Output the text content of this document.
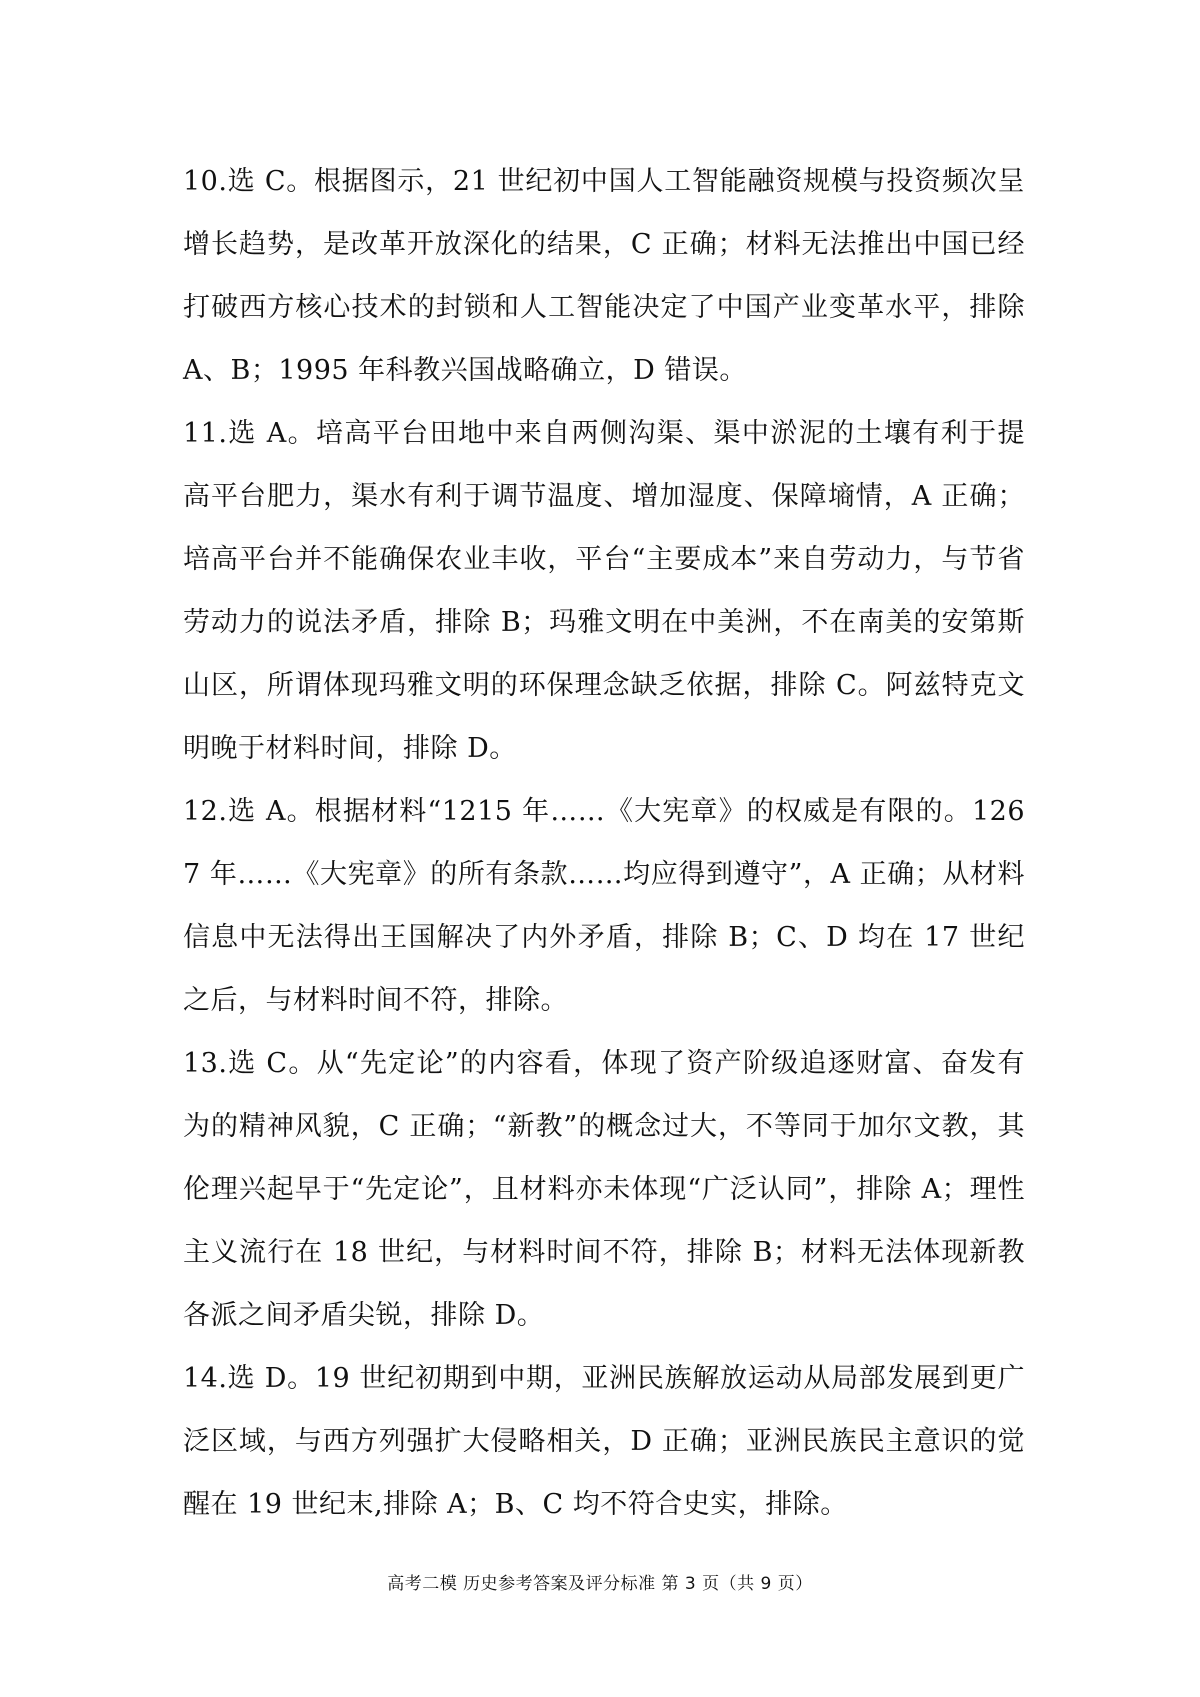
10.选 C。根据图示，21 世纪初中国人工智能融资规模与投资频次呈增长趋势，是改革开放深化的结果，C 正确；材料无法推出中国已经打破西方核心技术的封锁和人工智能决定了中国产业变革水平，排除 A、B；1995 年科教兴国战略确立，D 错误。

11.选 A。培高平台田地中来自两侧沟渠、渠中淤泥的土壤有利于提高平台肥力，渠水有利于调节温度、增加湿度、保障墒情，A 正确；培高平台并不能确保农业丰收，平台“主要成本”来自劳动力，与节省劳动力的说法矛盾，排除 B；玛雅文明在中美洲，不在南美的安第斯山区，所谓体现玛雅文明的环保理念缺乏依据，排除 C。阿兹特克文明晚于材料时间，排除 D。

12.选 A。根据材料“1215 年……《大宪章》的权威是有限的。1267 年……《大宪章》的所有条款……均应得到遵守”，A 正确；从材料信息中无法得出王国解决了内外矛盾，排除 B；C、D 均在 17 世纪之后，与材料时间不符，排除。

13.选 C。从“先定论”的内容看，体现了资产阶级追逐财富、奋发有为的精神风貌，C 正确；“新教”的概念过大，不等同于加尔文教，其伦理兴起早于“先定论”，且材料亦未体现“广泛认同”，排除 A；理性主义流行在 18 世纪，与材料时间不符，排除 B；材料无法体现新教各派之间矛盾尖锐，排除 D。

14.选 D。19 世纪初期到中期，亚洲民族解放运动从局部发展到更广泛区域，与西方列强扩大侵略相关，D 正确；亚洲民族民主意识的觉醒在 19 世纪末,排除 A；B、C 均不符合史实，排除。

高考二模 历史参考答案及评分标准 第 3 页（共 9 页）
